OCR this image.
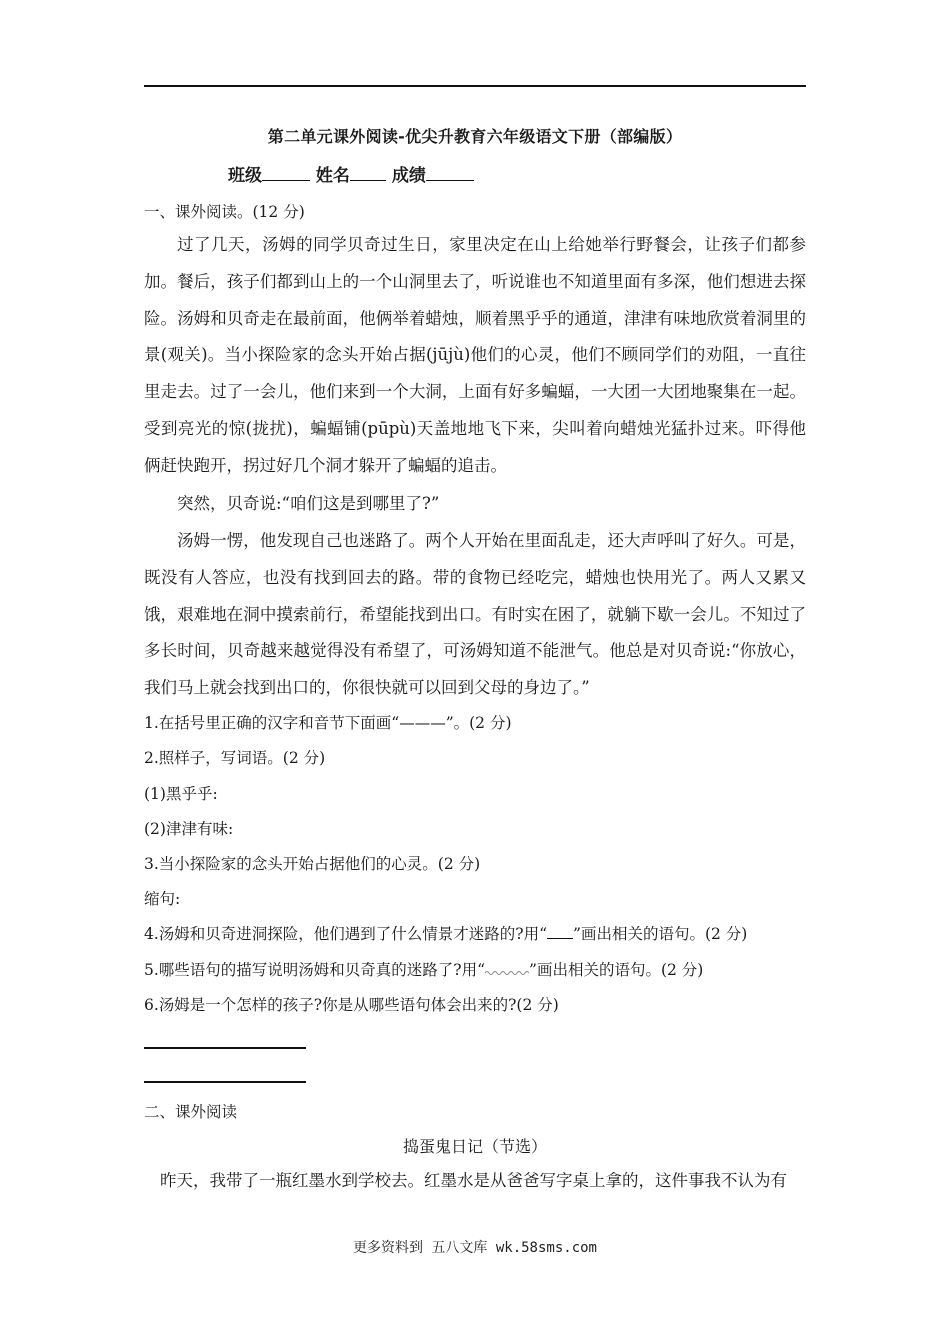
第二单元课外阅读-优尖升教育六年级语文下册（部编版）
班级	姓名 成绩
一、课外阅读。(12 分)
过了几天，汤姆的同学贝奇过生日，家里决定在山上给她举行野餐会，让孩子们都参加。餐后，孩子们都到山上的一个山洞里去了，听说谁也不知道里面有多深，他们想进去探险。汤姆和贝奇走在最前面，他俩举着蜡烛，顺着黑乎乎的通道，津津有味地欣赏着洞里的景(观关)。当小探险家的念头开始占据(jūjù)他们的心灵，他们不顾同学们的劝阻，一直往里走去。过了一会儿，他们来到一个大洞，上面有好多蝙蝠，一大团一大团地聚集在一起。受到亮光的惊(拢扰)，蝙蝠铺(pūpù)天盖地地飞下来，尖叫着向蜡烛光猛扑过来。吓得他俩赶快跑开，拐过好几个洞才躲开了蝙蝠的追击。
突然，贝奇说:“咱们这是到哪里了?”
汤姆一愣，他发现自己也迷路了。两个人开始在里面乱走，还大声呼叫了好久。可是，既没有人答应，也没有找到回去的路。带的食物已经吃完，蜡烛也快用光了。两人又累又饿，艰难地在洞中摸索前行，希望能找到出口。有时实在困了，就躺下歇一会儿。不知过了多长时间，贝奇越来越觉得没有希望了，可汤姆知道不能泄气。他总是对贝奇说:“你放心，我们马上就会找到出口的，你很快就可以回到父母的身边了。”
1.在括号里正确的汉字和音节下面画“———”。(2 分)
2.照样子，写词语。(2 分)
(1)黑乎乎:
(2)津津有味:
3.当小探险家的念头开始占据他们的心灵。(2 分)
缩句:
4.汤姆和贝奇进洞探险，他们遇到了什么情景才迷路的?用“ ”画出相关的语句。(2 分)
5.哪些语句的描写说明汤姆和贝奇真的迷路了?用“	”画出相关的语句。(2 分)
6.汤姆是一个怎样的孩子?你是从哪些语句体会出来的?(2 分)
二、课外阅读
捣蛋鬼日记（节选）
昨天，我带了一瓶红墨水到学校去。红墨水是从爸爸写字桌上拿的，这件事我不认为有
更多资料到 五八文库 wk.58sms.com
